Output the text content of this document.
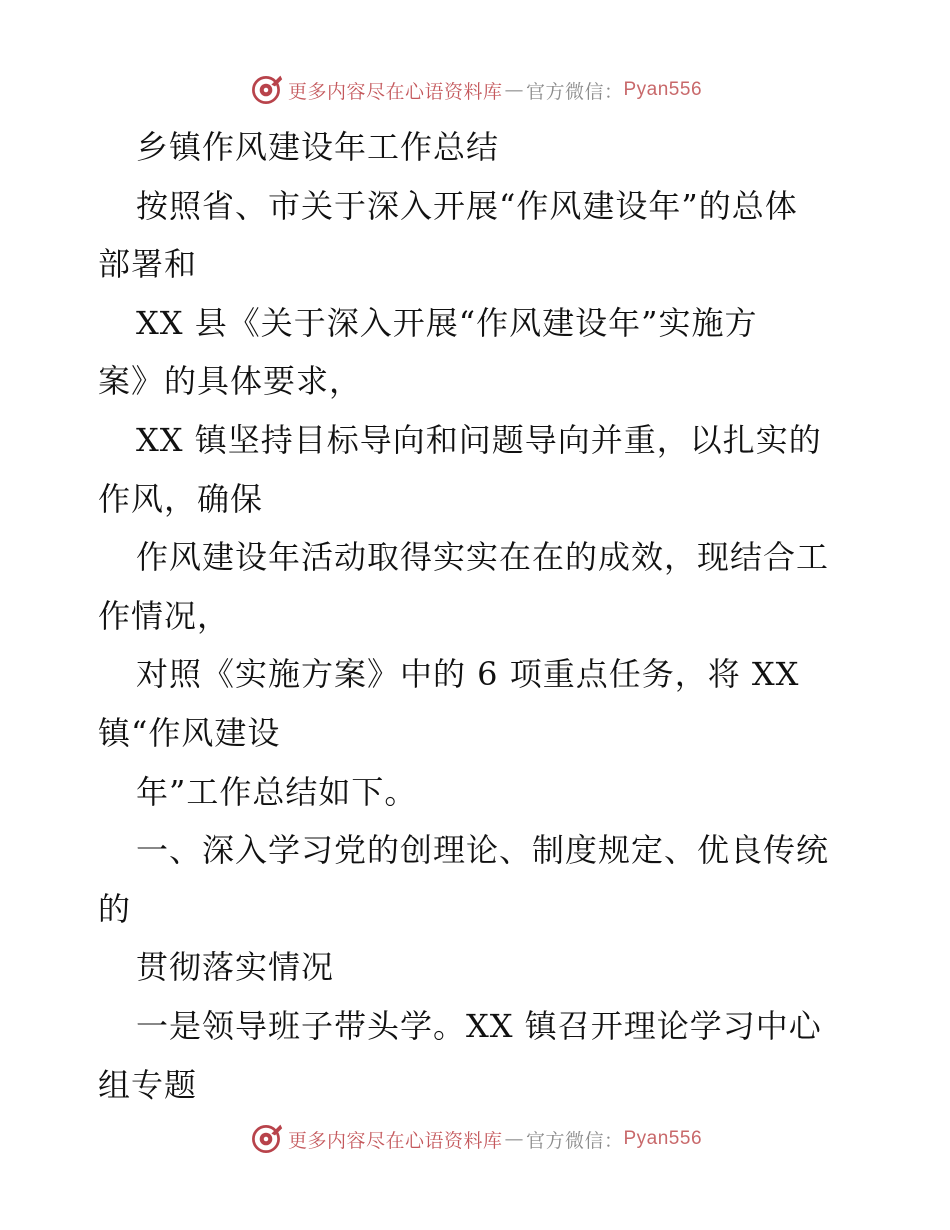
更多内容尽在心语资料库 — 官方微信： Pyan556
乡镇作风建设年工作总结
按照省、市关于深入开展“作风建设年”的总体
部署和
XX 县《关于深入开展“作风建设年”实施方
案》的具体要求，
XX 镇坚持目标导向和问题导向并重，以扎实的
作风，确保
作风建设年活动取得实实在在的成效，现结合工
作情况，
对照《实施方案》中的 6 项重点任务，将 XX
镇“作风建设
年”工作总结如下。
一、深入学习党的创理论、制度规定、优良传统
的
贯彻落实情况
一是领导班子带头学。XX 镇召开理论学习中心
组专题
更多内容尽在心语资料库 — 官方微信： Pyan556
